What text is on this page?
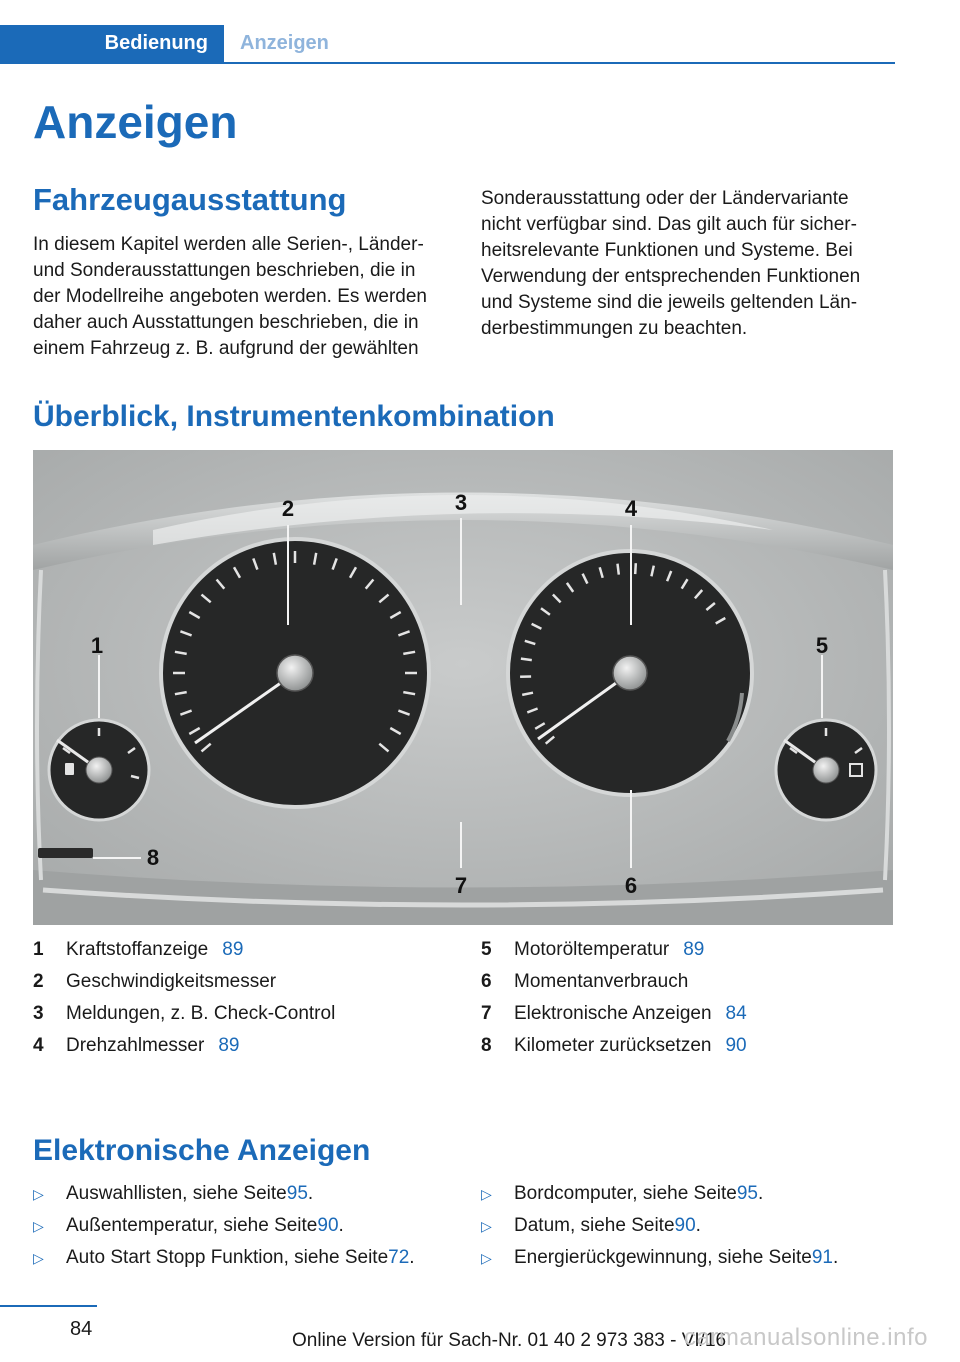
Bedienung Anzeigen
Anzeigen
Fahrzeugausstattung

In diesem Kapitel werden alle Serien-, Länder- und Sonderausstattungen beschrieben, die in der Modellreihe angeboten werden. Es werden daher auch Ausstattungen beschrieben, die in einem Fahrzeug z. B. aufgrund der gewählten

Sonderausstattung oder der Ländervariante nicht verfügbar sind. Das gilt auch für sicherheitsrelevante Funktionen und Systeme. Bei Verwendung der entsprechenden Funktionen und Systeme sind die jeweils geltenden Länderbestimmungen zu beachten.

Überblick, Instrumentenkombination
1
2	3	4
5
6
7
8
1	Kraftstoffanzeige 89
2	Geschwindigkeitsmesser
3	Meldungen, z. B. Check-Control
4	Drehzahlmesser 89
5	Motoröltemperatur 89
6	Momentanverbrauch
7	Elektronische Anzeigen 84
8	Kilometer zurücksetzen 90
Elektronische Anzeigen
▷	Auswahllisten, siehe Seite 95 .
▷	Außentemperatur, siehe Seite 90 .
▷	Auto Start Stopp Funktion, siehe Seite 72 .
▷	Bordcomputer, siehe Seite 95 .
▷	Datum, siehe Seite 90 .
▷	Energierückgewinnung, siehe Seite 91 .
84
Online Version für Sach-Nr. 01 40 2 973 383 - VI/16
carmanualsonline.info
